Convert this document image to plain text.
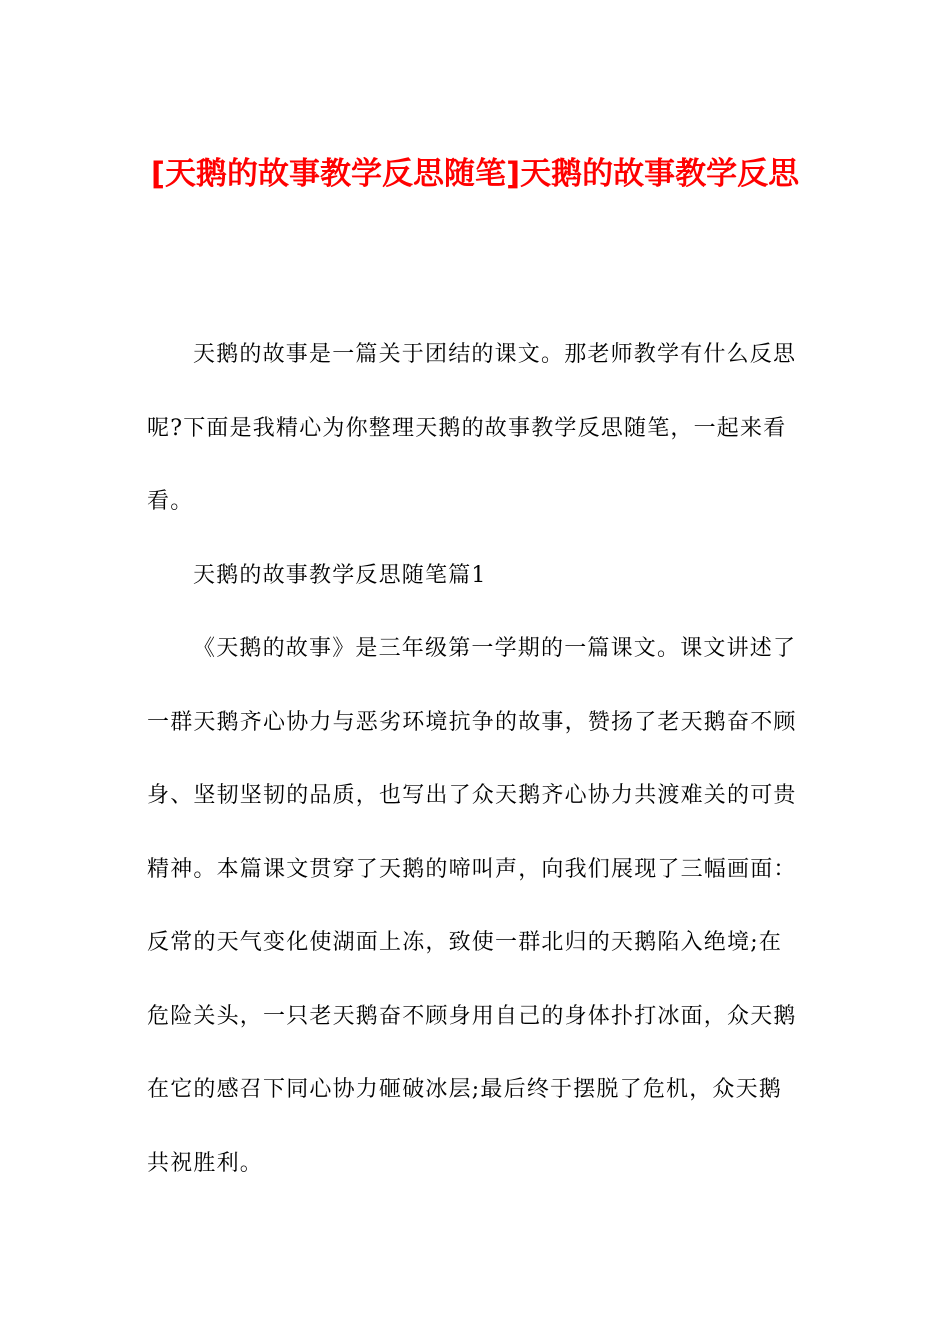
[天鹅的故事教学反思随笔]天鹅的故事教学反思

天鹅的故事是一篇关于团结的课文。那老师教学有什么反思呢?下面是我精心为你整理天鹅的故事教学反思随笔，一起来看看。

天鹅的故事教学反思随笔篇1

《天鹅的故事》是三年级第一学期的一篇课文。课文讲述了一群天鹅齐心协力与恶劣环境抗争的故事，赞扬了老天鹅奋不顾身、坚韧坚韧的品质，也写出了众天鹅齐心协力共渡难关的可贵精神。本篇课文贯穿了天鹅的啼叫声，向我们展现了三幅画面：反常的天气变化使湖面上冻，致使一群北归的天鹅陷入绝境;在危险关头，一只老天鹅奋不顾身用自己的身体扑打冰面，众天鹅在它的感召下同心协力砸破冰层;最后终于摆脱了危机，众天鹅共祝胜利。
